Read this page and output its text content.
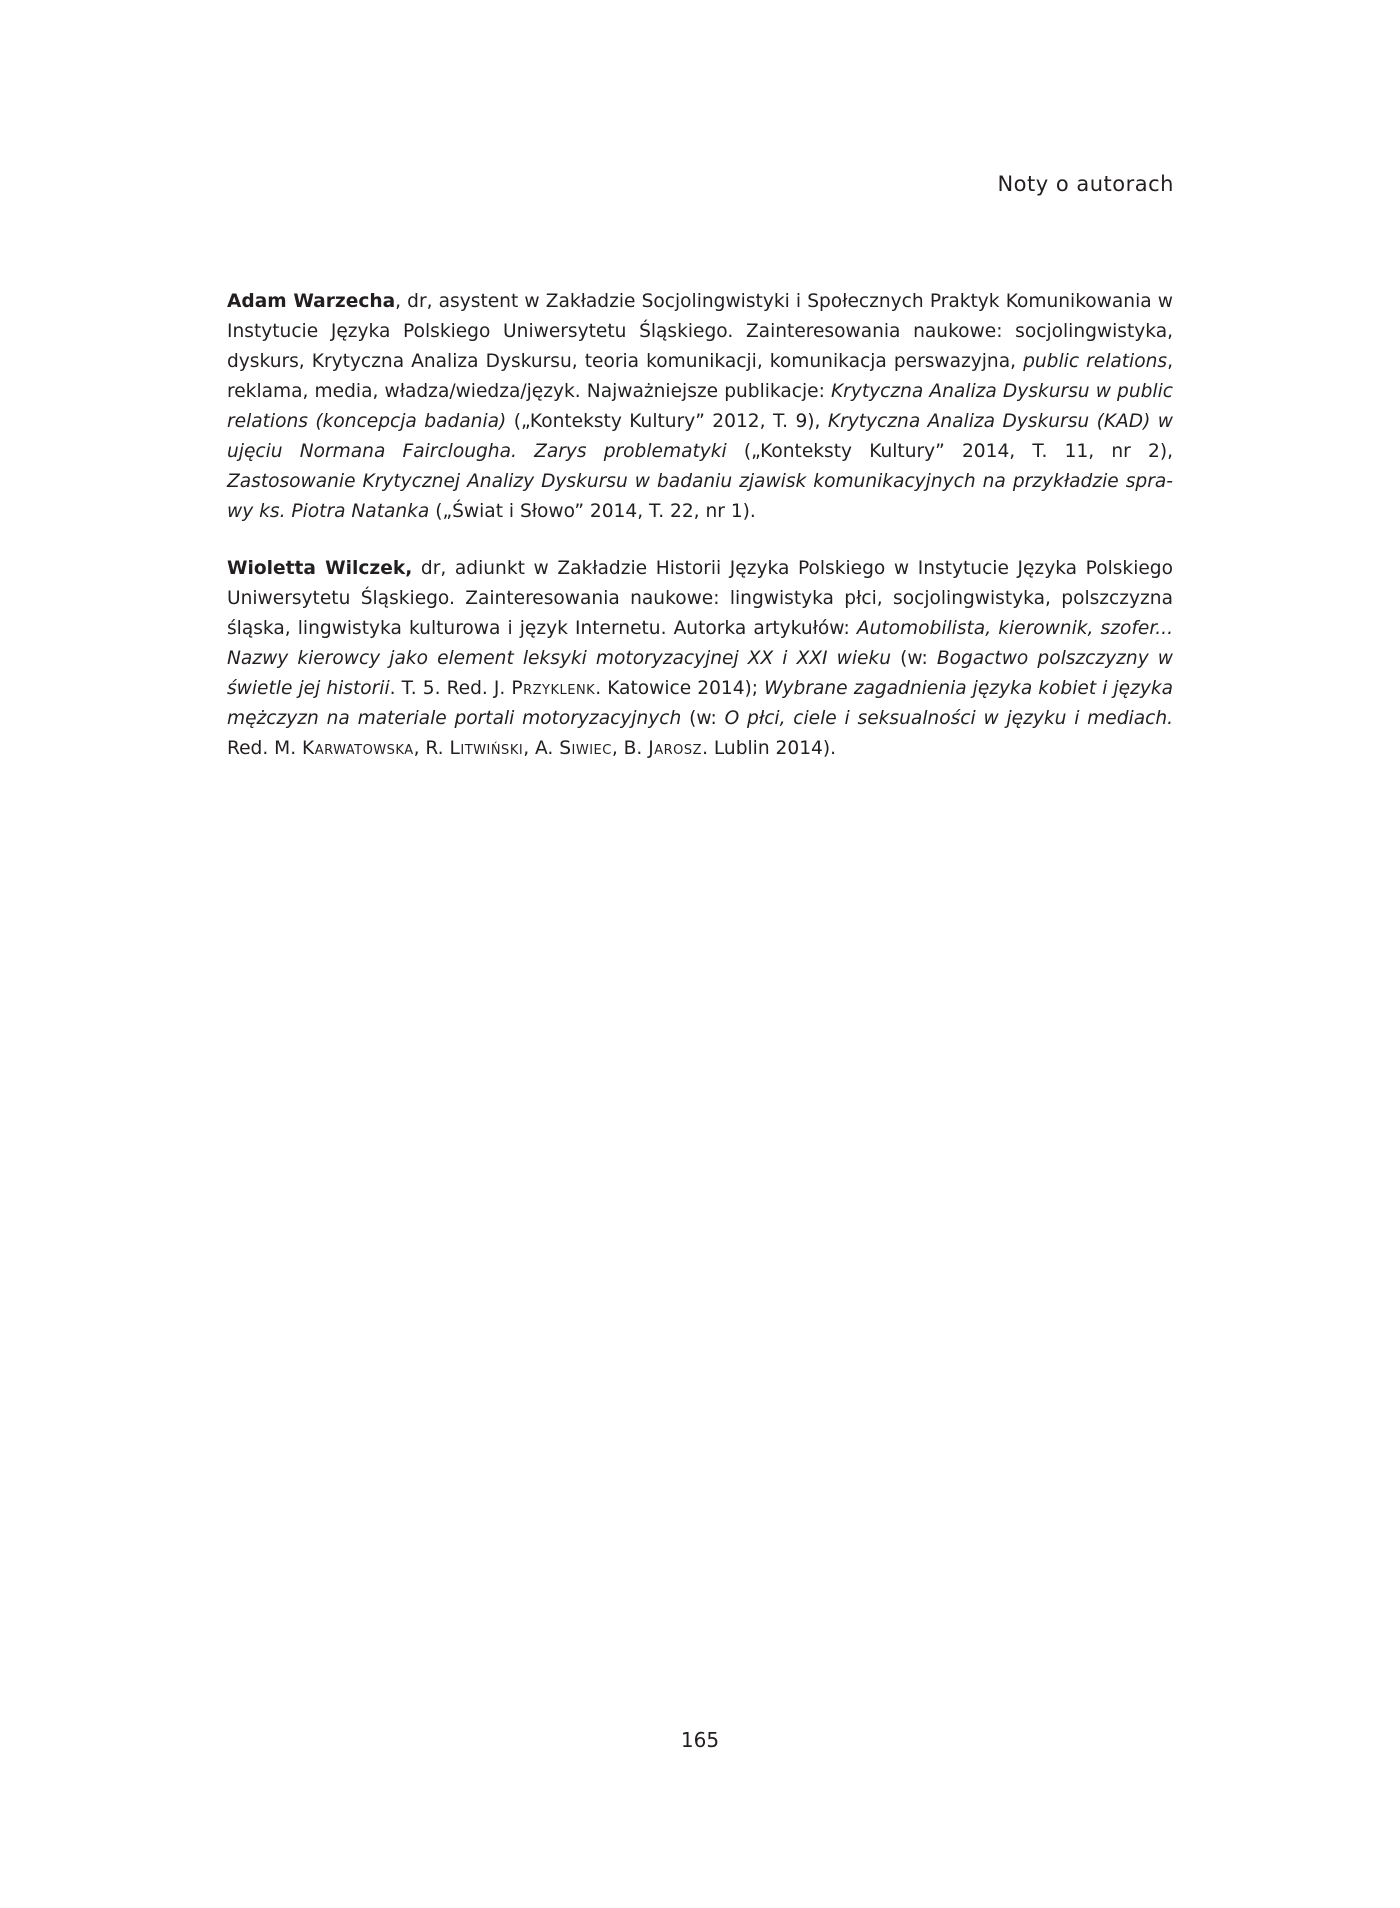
Noty o autorach

Adam Warzecha, dr, asystent w Zakładzie Socjolingwistyki i Społecznych Praktyk Komunikowania w Instytucie Języka Polskiego Uniwersytetu Śląskiego. Zainteresowania naukowe: socjolingwistyka, dyskurs, Krytyczna Analiza Dyskursu, teoria komunikacji, komunikacja perswazyjna, public relations, reklama, media, władza/wiedza/język. Najważniejsze publikacje: Krytyczna Analiza Dyskursu w public relations (koncepcja badania) („Konteksty Kultury” 2012, T. 9), Krytyczna Analiza Dyskursu (KAD) w ujęciu Normana Fairclougha. Zarys problematyki („Konteksty Kultury” 2014, T. 11, nr 2), Zastosowanie Krytycznej Analizy Dyskursu w badaniu zjawisk komunikacyjnych na przykładzie sprawy ks. Piotra Natanka („Świat i Słowo” 2014, T. 22, nr 1).

Wioletta Wilczek, dr, adiunkt w Zakładzie Historii Języka Polskiego w Instytucie Języka Polskiego Uniwersytetu Śląskiego. Zainteresowania naukowe: lingwistyka płci, socjolingwistyka, polszczyzna śląska, lingwistyka kulturowa i język Internetu. Autorka artykułów: Automobilista, kierownik, szofer... Nazwy kierowcy jako element leksyki motoryzacyjnej XX i XXI wieku (w: Bogactwo polszczyzny w świetle jej historii. T. 5. Red. J. Przyklenk. Katowice 2014); Wybrane zagadnienia języka kobiet i języka mężczyzn na materiale portali motoryzacyjnych (w: O płci, ciele i seksualności w języku i mediach. Red. M. Karwatowska, R. Litwiński, A. Siwiec, B. Jarosz. Lublin 2014).

165
